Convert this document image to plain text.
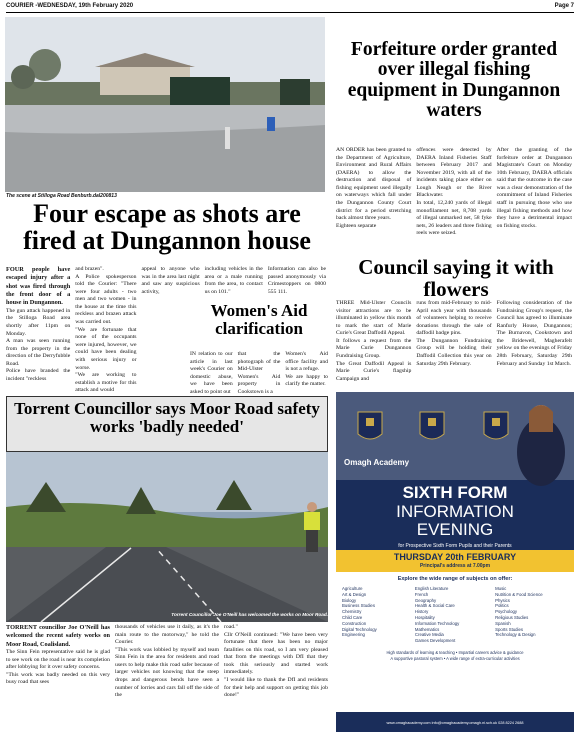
COURIER -WEDNESDAY, 19th February 2020	Page 7
The scene at Stilloga Road Benburb.dal200813
Four escape as shots are fired at Dungannon house

FOUR people have escaped injury after a shot was fired through the front door of a house in Dungannon.

The gun attack happened in the Stilloga Road area shortly after 11pm on Monday.

A man was seen running from the property in the direction of the Derryfubble Road.

Police have branded the incident "reckless

and brazen".

A Police spokesperson told the Courier: "There were four adults - two men and two women - in the house at the time this reckless and brazen attack was carried out.

"We are fortunate that none of the occupants were injured, however, we could have been dealing with serious injury or worse.

"We are working to establish a motive for this attack and would

appeal to anyone who was in the area last night and saw any suspicious activity,

including vehicles in the area or a male running from the area, to contact us on 101."

Information can also be passed anonymously via Crimestoppers on 0800 555 111.

Women's Aid clarification

IN relation to our article in last week's Courier on domestic abuse, we have been asked to point out

that the photograph of the Mid-Ulster Women's Aid property in Cookstown is a

Women's Aid office facility and is not a refuge.

We are happy to clarify the matter.

Forfeiture order granted over illegal fishing equipment in Dungannon waters

AN ORDER has been granted to the Department of Agriculture, Environment and Rural Affairs (DAERA) to allow the destruction and disposal of fishing equipment used illegally on waterways which fall under the Dungannon County Court district for a period stretching back almost three years.

Eighteen separate

offences were detected by DAERA Inland Fisheries Staff between February 2017 and November 2019, with all of the incidents taking place either on Lough Neagh or the River Blackwater.

In total, 12,240 yards of illegal monofilament net, 8,708 yards of illegal unmarked net, 58 fyke nets, 26 leaders and three fishing reels were seized.

After the granting of the forfeiture order at Dungannon Magistrate's Court on Monday 10th February, DAERA officials said that the outcome in the case was a clear demonstration of the commitment of Inland Fisheries staff in pursuing those who use illegal fishing methods and how they have a detrimental impact on fishing stocks.

Council saying it with flowers

THREE Mid-Ulster Councils visitor attractions are to be illuminated in yellow this month to mark the start of Marie Curie's Great Daffodil Appeal.

It follows a request from the Marie Curie Dungannon Fundraising Group.

The Great Daffodil Appeal is Marie Curie's flagship Campaign and

runs from mid-February to mid-April each year with thousands of volunteers helping to receive donations through the sale of daffodil badge pins.

The Dungannon Fundraising Group will be holding their Daffodil Collection this year on Saturday 29th February.

Following consideration of the Fundraising Group's request, the Council has agreed to illuminate Ranfurly House, Dungannon; The Burnavon, Cookstown and the Bridewell, Magherafelt yellow on the evenings of Friday 28th February, Saturday 29th February and Sunday 1st March.

Torrent Councillor says Moor Road safety works 'badly needed'
Torrent Councillor Joe O'Neill has welcomed the works on Moor Road.

TORRENT councillor Joe O'Neill has welcomed the recent safety works on Moor Road, Coalisland.

The Sinn Fein representative said he is glad to see work on the road is near its completion after lobbying for it over safety concerns.

"This work was badly needed on this very busy road that sees

thousands of vehicles use it daily, as it's the main route to the motorway," he told the Courier.

"This work was lobbied by myself and team Sinn Fein in the area for residents and road users to help make this road safer because of larger vehicles not knowing that the steep drops and dangerous bends have seen a number of lorries and cars fall off the side of the

road."

Cllr O'Neill continued: "We have been very fortunate that there has been no major fatalities on this road, so I am very pleased that from the meetings with DfI that they took this seriously and started work immediately.

"I would like to thank the DfI and residents for their help and support on getting this job done!"

Omagh Academy
SIXTH FORM
INFORMATION
EVENING
for Prospective Sixth Form Pupils and their Parents
THURSDAY 20th FEBRUARY
Principal's address at 7.00pm
Explore the wide range of subjects on offer:
Agriculture
Art & Design
Biology
Business Studies
Chemistry
Child Care
Construction
Digital Technology
Engineering
English Literature
French
Geography
Health & Social Care
History
Hospitality
Information Technology
Mathematics
Creative Media
Games Development
Music
Nutrition & Food Science
Physics
Politics
Psychology
Religious Studies
Spanish
Sports Studies
Technology & Design
High standards of learning & teaching • Impartial careers advice & guidance
A supportive pastoral system • A wide range of extra-curricular activities
Prospectus and Application Form are available on the school website or from the school office
www.omaghacademy.com info@omaghacademy.omagh.ni.sch.uk 028 8224 2688
